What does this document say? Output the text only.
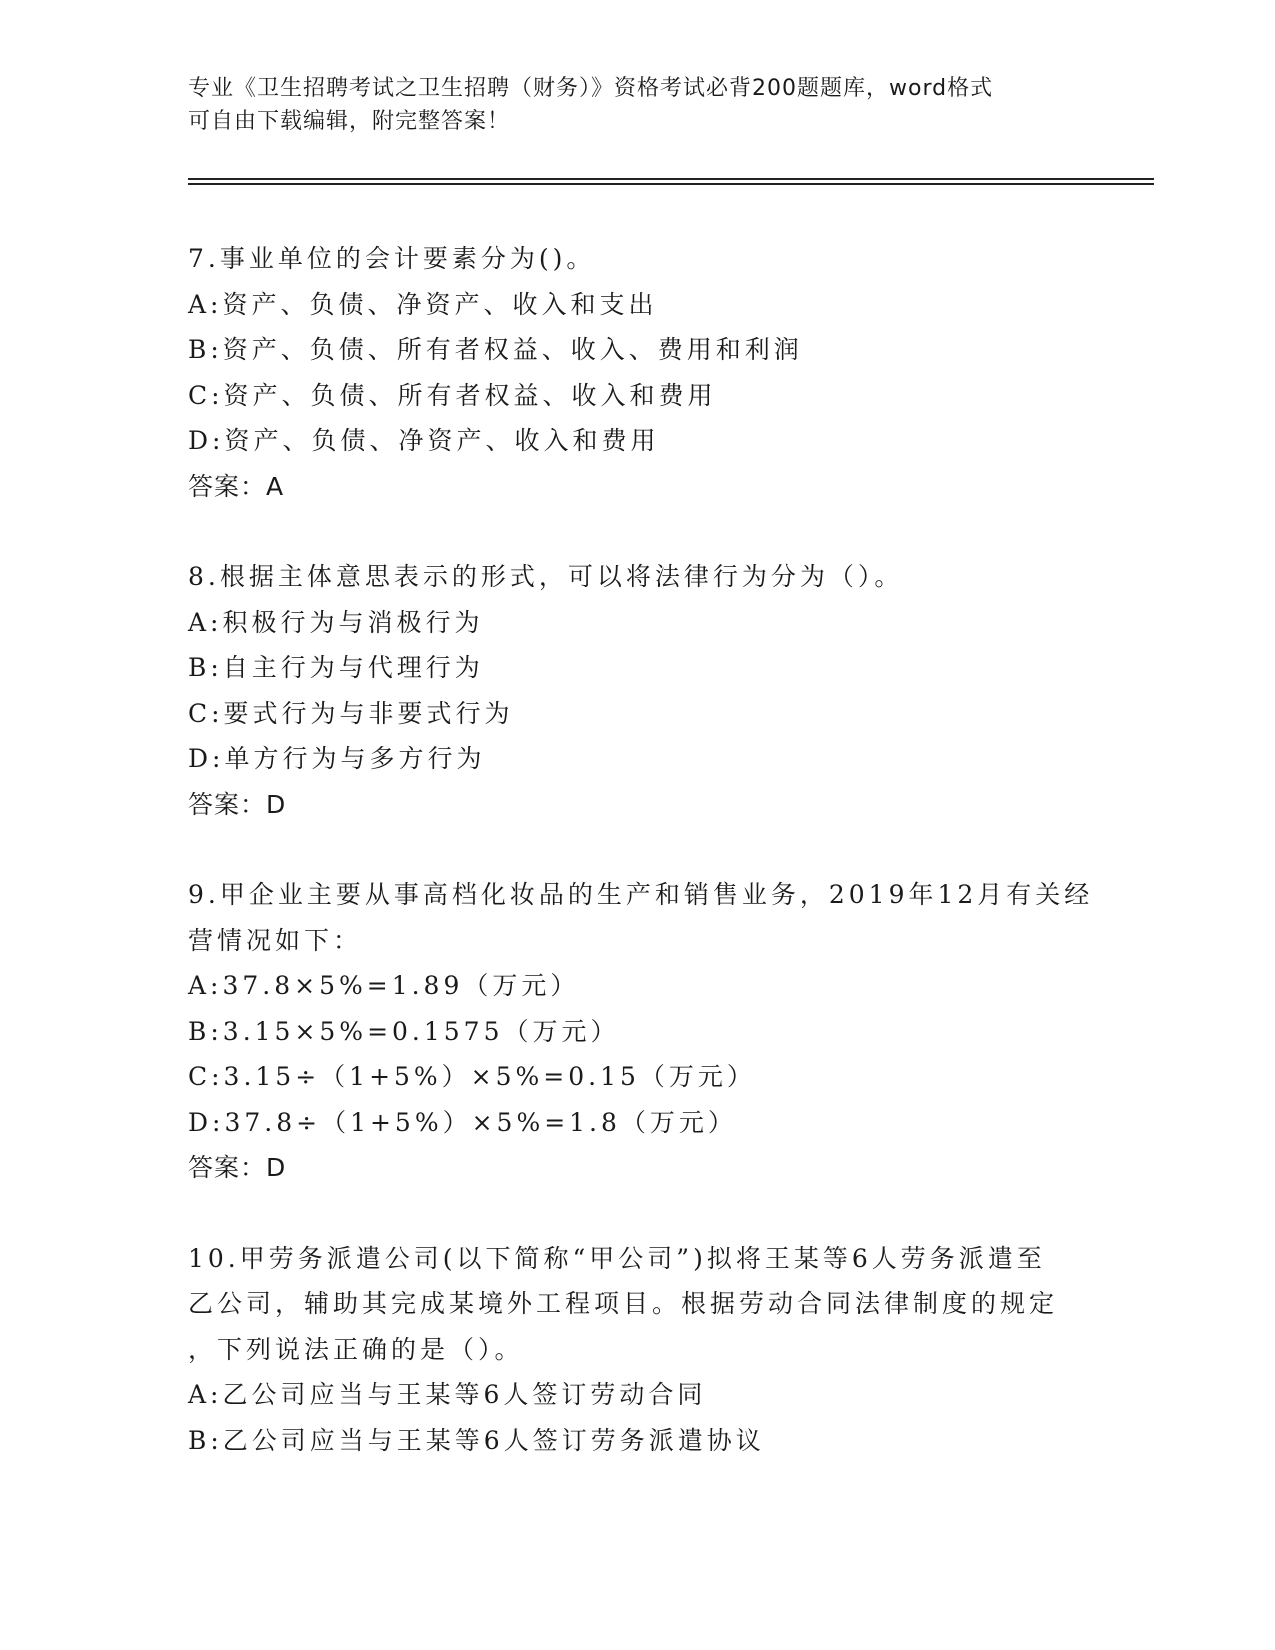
专业《卫生招聘考试之卫生招聘（财务）》资格考试必背200题题库，word格式
可自由下载编辑，附完整答案！
7.事业单位的会计要素分为()。
A:资产、负债、净资产、收入和支出
B:资产、负债、所有者权益、收入、费用和利润
C:资产、负债、所有者权益、收入和费用
D:资产、负债、净资产、收入和费用
答案：A
8.根据主体意思表示的形式，可以将法律行为分为（）。
A:积极行为与消极行为
B:自主行为与代理行为
C:要式行为与非要式行为
D:单方行为与多方行为
答案：D
9.甲企业主要从事高档化妆品的生产和销售业务，2019年12月有关经
营情况如下：
A:37.8×5%=1.89（万元）
B:3.15×5%=0.1575（万元）
C:3.15÷（1+5%）×5%=0.15（万元）
D:37.8÷（1+5%）×5%=1.8（万元）
答案：D
10.甲劳务派遣公司(以下简称“甲公司”)拟将王某等6人劳务派遣至
乙公司，辅助其完成某境外工程项目。根据劳动合同法律制度的规定
，下列说法正确的是（）。
A:乙公司应当与王某等6人签订劳动合同
B:乙公司应当与王某等6人签订劳务派遣协议
